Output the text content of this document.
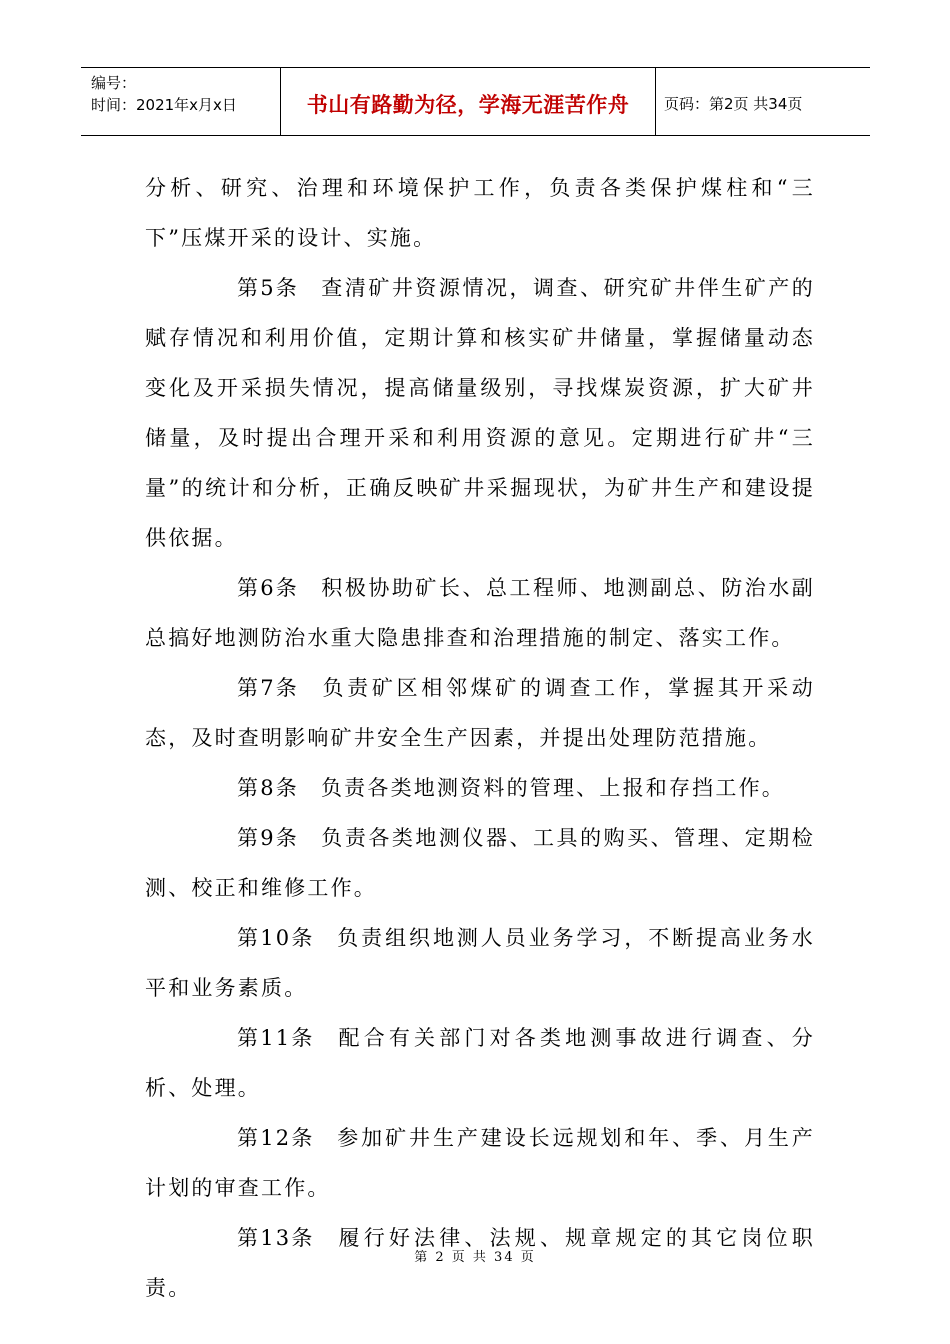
编号：
时间：2021年x月x日	书山有路勤为径，学海无涯苦作舟 页码：第2页 共34页

分析、研究、治理和环境保护工作，负责各类保护煤柱和“三下”压煤开采的设计、实施。

第5条 查清矿井资源情况，调查、研究矿井伴生矿产的赋存情况和利用价值，定期计算和核实矿井储量，掌握储量动态变化及开采损失情况，提高储量级别，寻找煤炭资源，扩大矿井储量，及时提出合理开采和利用资源的意见。定期进行矿井“三量”的统计和分析，正确反映矿井采掘现状，为矿井生产和建设提供依据。

第6条 积极协助矿长、总工程师、地测副总、防治水副总搞好地测防治水重大隐患排查和治理措施的制定、落实工作。

第7条 负责矿区相邻煤矿的调查工作，掌握其开采动态，及时查明影响矿井安全生产因素，并提出处理防范措施。

第8条 负责各类地测资料的管理、上报和存挡工作。

第9条 负责各类地测仪器、工具的购买、管理、定期检测、校正和维修工作。

第10条 负责组织地测人员业务学习，不断提高业务水平和业务素质。

第11条 配合有关部门对各类地测事故进行调查、分析、处理。

第12条 参加矿井生产建设长远规划和年、季、月生产计划的审查工作。

第13条 履行好法律、法规、规章规定的其它岗位职责。

第 2 页 共 34 页
